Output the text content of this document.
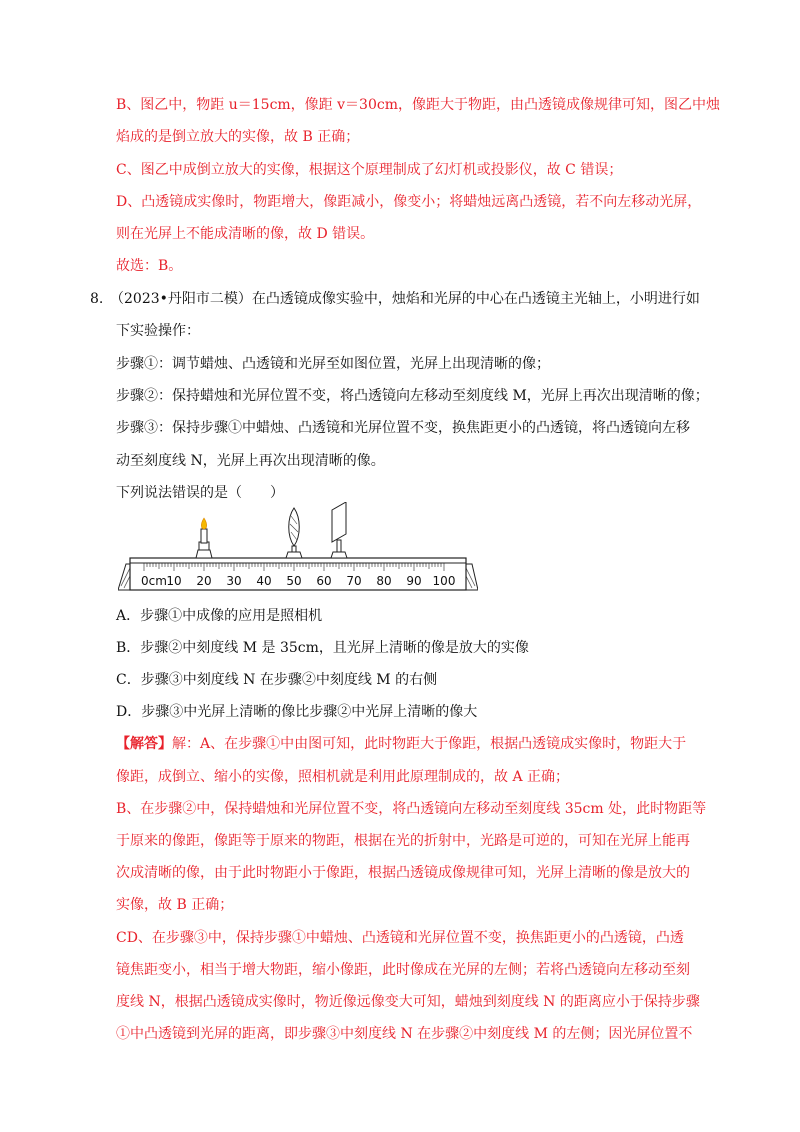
B、图乙中，物距 u＝15cm，像距 v＝30cm，像距大于物距，由凸透镜成像规律可知，图乙中烛
焰成的是倒立放大的实像，故 B 正确；
C、图乙中成倒立放大的实像，根据这个原理制成了幻灯机或投影仪，故 C 错误；
D、凸透镜成实像时，物距增大，像距减小，像变小；将蜡烛远离凸透镜，若不向左移动光屏，
则在光屏上不能成清晰的像，故 D 错误。
故选：B。
8. （2023•丹阳市二模）在凸透镜成像实验中，烛焰和光屏的中心在凸透镜主光轴上，小明进行如
下实验操作：
步骤①：调节蜡烛、凸透镜和光屏至如图位置，光屏上出现清晰的像；
步骤②：保持蜡烛和光屏位置不变，将凸透镜向左移动至刻度线 M，光屏上再次出现清晰的像；
步骤③：保持步骤①中蜡烛、凸透镜和光屏位置不变，换焦距更小的凸透镜，将凸透镜向左移
动至刻度线 N，光屏上再次出现清晰的像。
下列说法错误的是（　　）
0cm 10 20 30 40 50 60 70 80 90 100
A．步骤①中成像的应用是照相机
B．步骤②中刻度线 M 是 35cm，且光屏上清晰的像是放大的实像
C．步骤③中刻度线 N 在步骤②中刻度线 M 的右侧
D．步骤③中光屏上清晰的像比步骤②中光屏上清晰的像大
【解答】解：A、在步骤①中由图可知，此时物距大于像距，根据凸透镜成实像时，物距大于
像距，成倒立、缩小的实像，照相机就是利用此原理制成的，故 A 正确；
B、在步骤②中，保持蜡烛和光屏位置不变，将凸透镜向左移动至刻度线 35cm 处，此时物距等
于原来的像距，像距等于原来的物距，根据在光的折射中，光路是可逆的，可知在光屏上能再
次成清晰的像，由于此时物距小于像距，根据凸透镜成像规律可知，光屏上清晰的像是放大的
实像，故 B 正确；
CD、在步骤③中，保持步骤①中蜡烛、凸透镜和光屏位置不变，换焦距更小的凸透镜，凸透
镜焦距变小，相当于增大物距，缩小像距，此时像成在光屏的左侧；若将凸透镜向左移动至刻
度线 N，根据凸透镜成实像时，物近像远像变大可知，蜡烛到刻度线 N 的距离应小于保持步骤
①中凸透镜到光屏的距离，即步骤③中刻度线 N 在步骤②中刻度线 M 的左侧；因光屏位置不
